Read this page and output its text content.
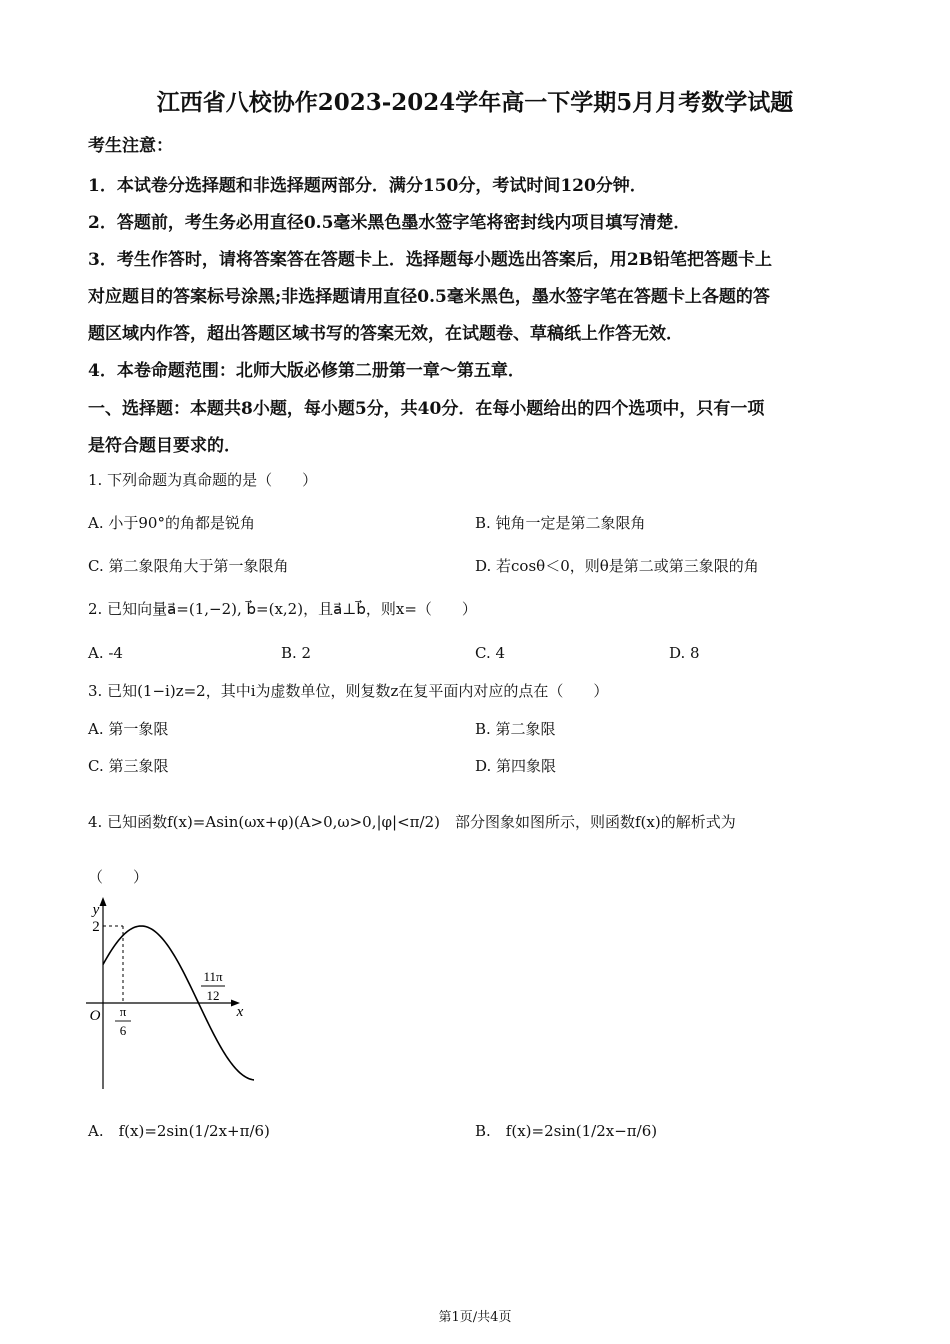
江西省八校协作2023-2024学年高一下学期5月月考数学试题
考生注意：
1．本试卷分选择题和非选择题两部分．满分150分，考试时间120分钟．
2．答题前，考生务必用直径0.5毫米黑色墨水签字笔将密封线内项目填写清楚．
3．考生作答时，请将答案答在答题卡上．选择题每小题选出答案后，用2B铅笔把答题卡上
对应题目的答案标号涂黑;非选择题请用直径0.5毫米黑色，墨水签字笔在答题卡上各题的答
题区域内作答，超出答题区域书写的答案无效，在试题卷、草稿纸上作答无效．
4．本卷命题范围：北师大版必修第二册第一章～第五章．
一、选择题：本题共8小题，每小题5分，共40分．在每小题给出的四个选项中，只有一项
是符合题目要求的．
1. 下列命题为真命题的是（　　）
A. 小于90°的角都是锐角	B. 钝角一定是第二象限角
C. 第二象限角大于第一象限角	D. 若cosθ＜0，则θ是第二或第三象限的角
2. 已知向量a⃗=(1,−2), b⃗=(x,2)，且a⃗⊥b⃗，则x=（　　）
A. -4	B. 2	C. 4	D. 8
3. 已知(1−i)z=2，其中i为虚数单位，则复数z在复平面内对应的点在（　　）
A. 第一象限	B. 第二象限
C. 第三象限	D. 第四象限
4. 已知函数f(x)=Asin(ωx+φ)(A>0,ω>0,|φ|<π/2)　部分图象如图所示，则函数f(x)的解析式为
（　　）
y
x
O
2
π
6
11π
12
A.　f(x)=2sin(1/2x+π/6)	B.　f(x)=2sin(1/2x−π/6)
第1页/共4页
